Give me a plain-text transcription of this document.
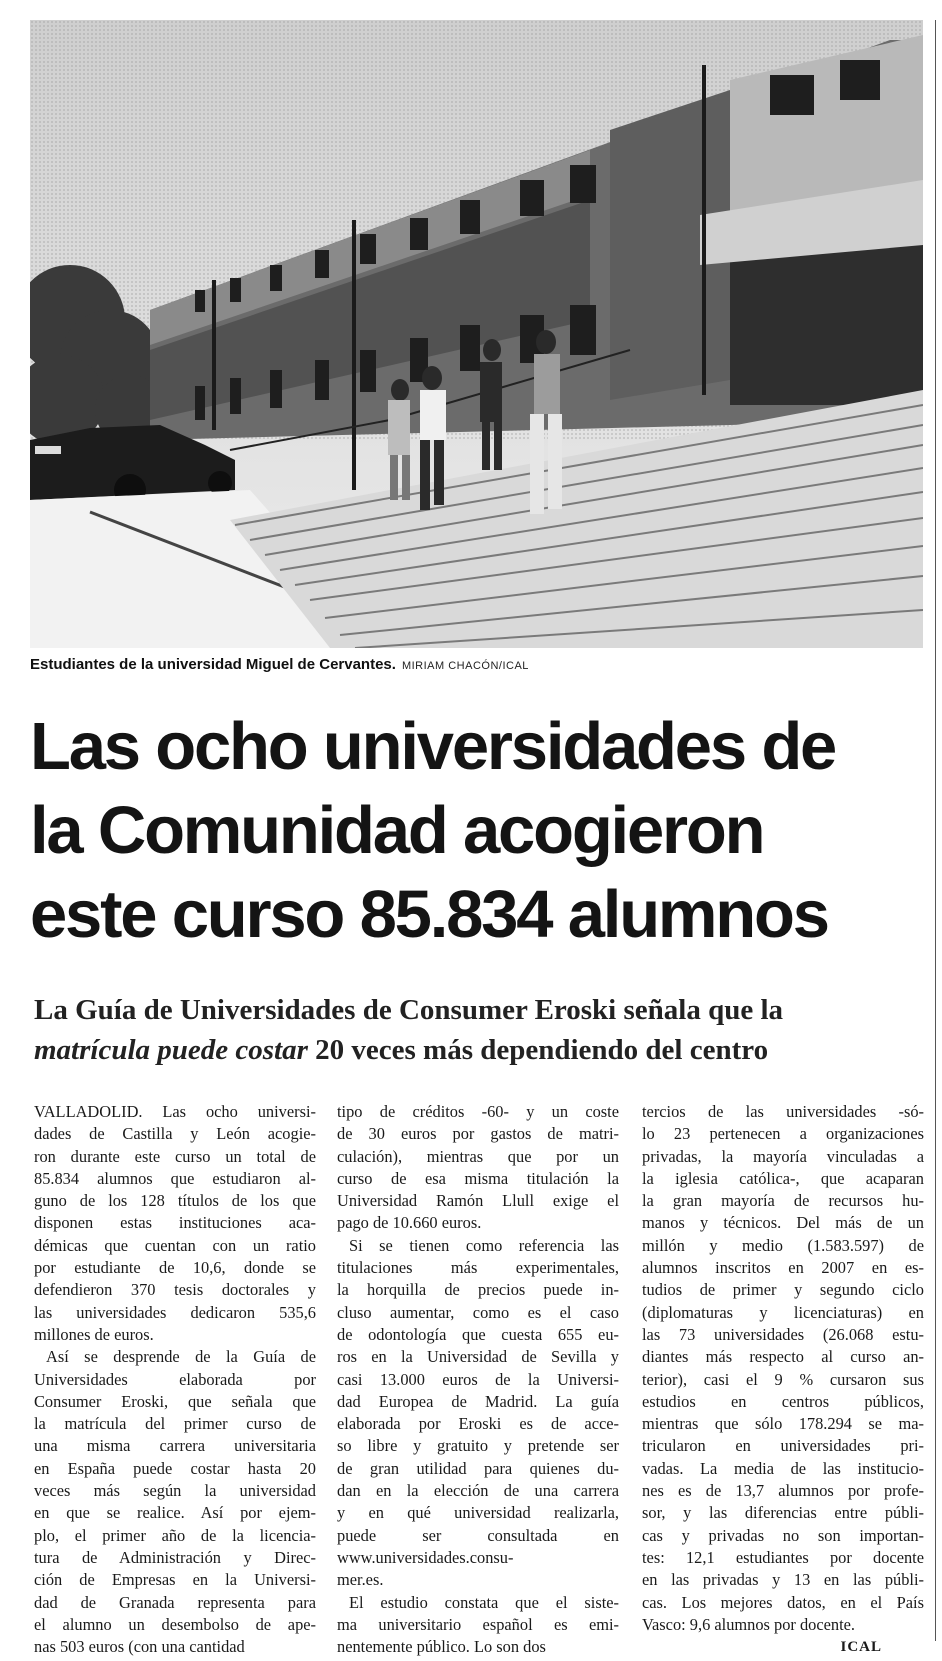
Estudiantes de la universidad Miguel de Cervantes. MIRIAM CHACÓN/ICAL
Las ocho universidades de
la Comunidad acogieron
este curso 85.834 alumnos
La Guía de Universidades de Consumer Eroski señala que la
matrícula puede costar 20 veces más dependiendo del centro
VALLADOLID. Las ocho universi-
dades de Castilla y León acogie-
ron durante este curso un total de
85.834 alumnos que estudiaron al-
guno de los 128 títulos de los que
disponen estas instituciones aca-
démicas que cuentan con un ratio
por estudiante de 10,6, donde se
defendieron 370 tesis doctorales y
las universidades dedicaron 535,6
millones de euros.
Así se desprende de la Guía de
Universidades elaborada por
Consumer Eroski, que señala que
la matrícula del primer curso de
una misma carrera universitaria
en España puede costar hasta 20
veces más según la universidad
en que se realice. Así por ejem-
plo, el primer año de la licencia-
tura de Administración y Direc-
ción de Empresas en la Universi-
dad de Granada representa para
el alumno un desembolso de ape-
nas 503 euros (con una cantidad
tipo de créditos -60- y un coste
de 30 euros por gastos de matri-
culación), mientras que por un
curso de esa misma titulación la
Universidad Ramón Llull exige el
pago de 10.660 euros.
Si se tienen como referencia las
titulaciones más experimentales,
la horquilla de precios puede in-
cluso aumentar, como es el caso
de odontología que cuesta 655 eu-
ros en la Universidad de Sevilla y
casi 13.000 euros de la Universi-
dad Europea de Madrid. La guía
elaborada por Eroski es de acce-
so libre y gratuito y pretende ser
de gran utilidad para quienes du-
dan en la elección de una carrera
y en qué universidad realizarla,
puede ser consultada en
www.universidades.consu-
mer.es.
El estudio constata que el siste-
ma universitario español es emi-
nentemente público. Lo son dos
tercios de las universidades -só-
lo 23 pertenecen a organizaciones
privadas, la mayoría vinculadas a
la iglesia católica-, que acaparan
la gran mayoría de recursos hu-
manos y técnicos. Del más de un
millón y medio (1.583.597) de
alumnos inscritos en 2007 en es-
tudios de primer y segundo ciclo
(diplomaturas y licenciaturas) en
las 73 universidades (26.068 estu-
diantes más respecto al curso an-
terior), casi el 9 % cursaron sus
estudios en centros públicos,
mientras que sólo 178.294 se ma-
tricularon en universidades pri-
vadas. La media de las institucio-
nes es de 13,7 alumnos por profe-
sor, y las diferencias entre públi-
cas y privadas no son importan-
tes: 12,1 estudiantes por docente
en las privadas y 13 en las públi-
cas. Los mejores datos, en el País
Vasco: 9,6 alumnos por docente.
ICAL
